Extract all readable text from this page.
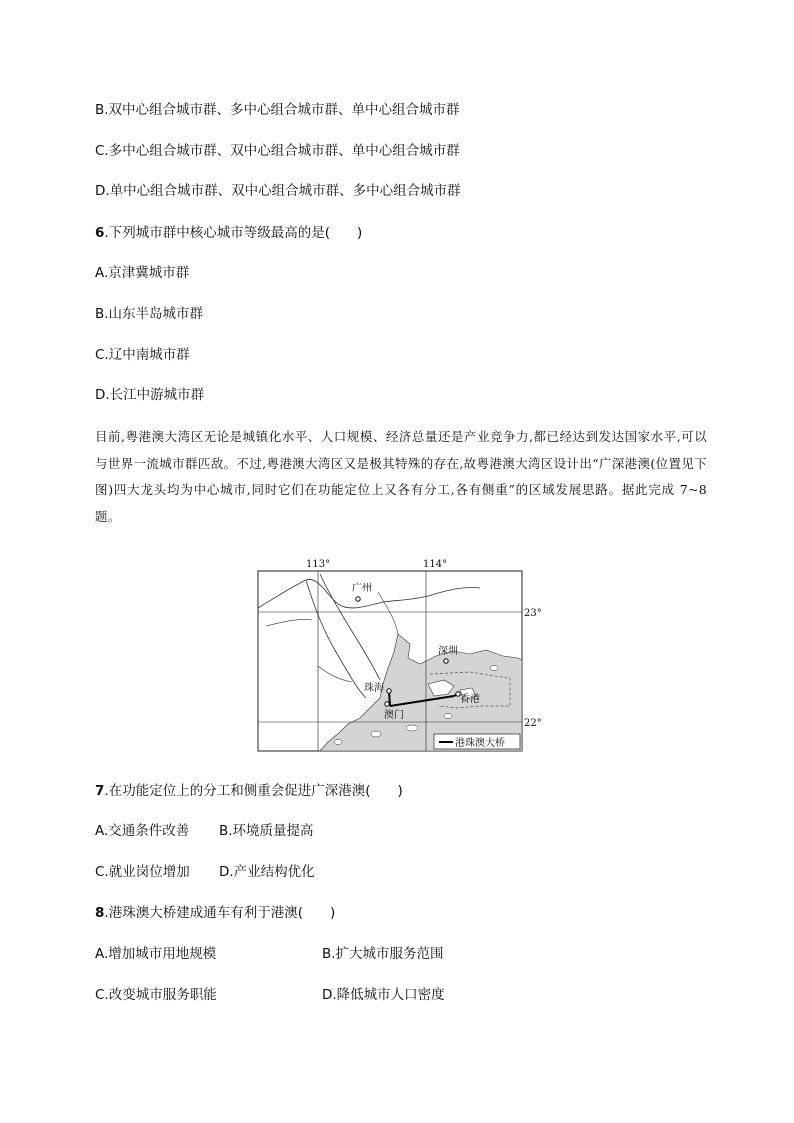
B.双中心组合城市群、多中心组合城市群、单中心组合城市群
C.多中心组合城市群、双中心组合城市群、单中心组合城市群
D.单中心组合城市群、双中心组合城市群、多中心组合城市群
6.下列城市群中核心城市等级最高的是(　　)
A.京津冀城市群
B.山东半岛城市群
C.辽中南城市群
D.长江中游城市群
目前,粤港澳大湾区无论是城镇化水平、人口规模、经济总量还是产业竞争力,都已经达到发达国家水平,可以与世界一流城市群匹敌。不过,粤港澳大湾区又是极其特殊的存在,故粤港澳大湾区设计出“广深港澳(位置见下图)四大龙头均为中心城市,同时它们在功能定位上又各有分工,各有侧重”的区域发展思路。据此完成 7~8 题。
113°	114°
23°
22°
广州
深圳
珠海
澳门
香港
港珠澳大桥
7.在功能定位上的分工和侧重会促进广深港澳(　　)
A.交通条件改善 B.环境质量提高
C.就业岗位增加 D.产业结构优化
8.港珠澳大桥建成通车有利于港澳(　　)
A.增加城市用地规模	B.扩大城市服务范围
C.改变城市服务职能	D.降低城市人口密度
